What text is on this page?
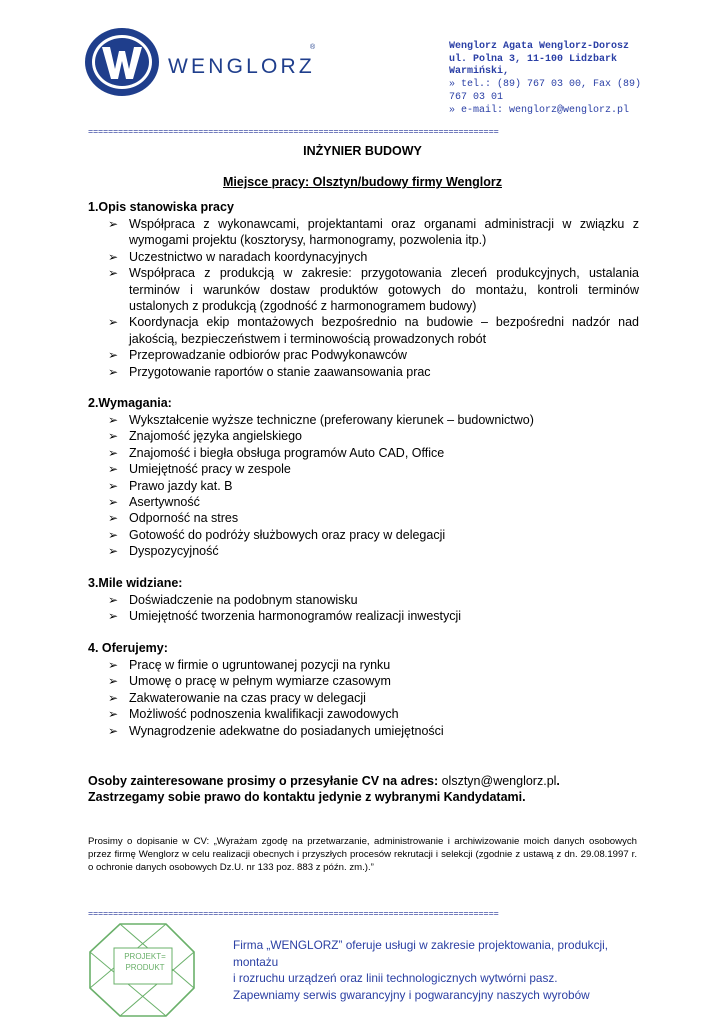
WENGLORZ
®	Wenglorz Agata Wenglorz-Dorosz
ul. Polna 3, 11-100 Lidzbark
Warmiński,
» tel.: (89) 767 03 00, Fax (89)
767 03 01
» e-mail: wenglorz@wenglorz.pl
==================================================================================
INŻYNIER BUDOWY
Miejsce pracy: Olsztyn/budowy firmy Wenglorz
1.Opis stanowiska pracy
➢ Współpraca z wykonawcami, projektantami oraz organami administracji w związku z wymogami projektu (kosztorysy, harmonogramy, pozwolenia itp.)
➢ Uczestnictwo w naradach koordynacyjnych
➢ Współpraca z produkcją w zakresie: przygotowania zleceń produkcyjnych, ustalania terminów i warunków dostaw produktów gotowych do montażu, kontroli terminów ustalonych z produkcją (zgodność z harmonogramem budowy)
➢ Koordynacja ekip montażowych bezpośrednio na budowie – bezpośredni nadzór nad jakością, bezpieczeństwem i terminowością prowadzonych robót
➢ Przeprowadzanie odbiorów prac Podwykonawców
➢ Przygotowanie raportów o stanie zaawansowania prac
2.Wymagania:
➢ Wykształcenie wyższe techniczne (preferowany kierunek – budownictwo)
➢ Znajomość języka angielskiego
➢ Znajomość i biegła obsługa programów Auto CAD, Office
➢ Umiejętność pracy w zespole
➢ Prawo jazdy kat. B
➢ Asertywność
➢ Odporność na stres
➢ Gotowość do podróży służbowych oraz pracy w delegacji
➢ Dyspozycyjność
3.Mile widziane:
➢ Doświadczenie na podobnym stanowisku
➢ Umiejętność tworzenia harmonogramów realizacji inwestycji
4. Oferujemy:
➢ Pracę w firmie o ugruntowanej pozycji na rynku
➢ Umowę o pracę w pełnym wymiarze czasowym
➢ Zakwaterowanie na czas pracy w delegacji
➢ Możliwość podnoszenia kwalifikacji zawodowych
➢ Wynagrodzenie adekwatne do posiadanych umiejętności
Osoby zainteresowane prosimy o przesyłanie CV na adres: olsztyn@wenglorz.pl.
Zastrzegamy sobie prawo do kontaktu jedynie z wybranymi Kandydatami.
Prosimy o dopisanie w CV: „Wyrażam zgodę na przetwarzanie, administrowanie i archiwizowanie moich danych osobowych przez firmę Wenglorz w celu realizacji obecnych i przyszłych procesów rekrutacji i selekcji (zgodnie z ustawą z dn. 29.08.1997 r. o ochronie danych osobowych Dz.U. nr 133 poz. 883 z późn. zm.).”
==================================================================================
PROJEKT=
PRODUKT
Firma „WENGLORZ” oferuje usługi w zakresie projektowania, produkcji, montażu
i rozruchu urządzeń oraz linii technologicznych wytwórni pasz.
Zapewniamy serwis gwarancyjny i pogwarancyjny naszych wyrobów
